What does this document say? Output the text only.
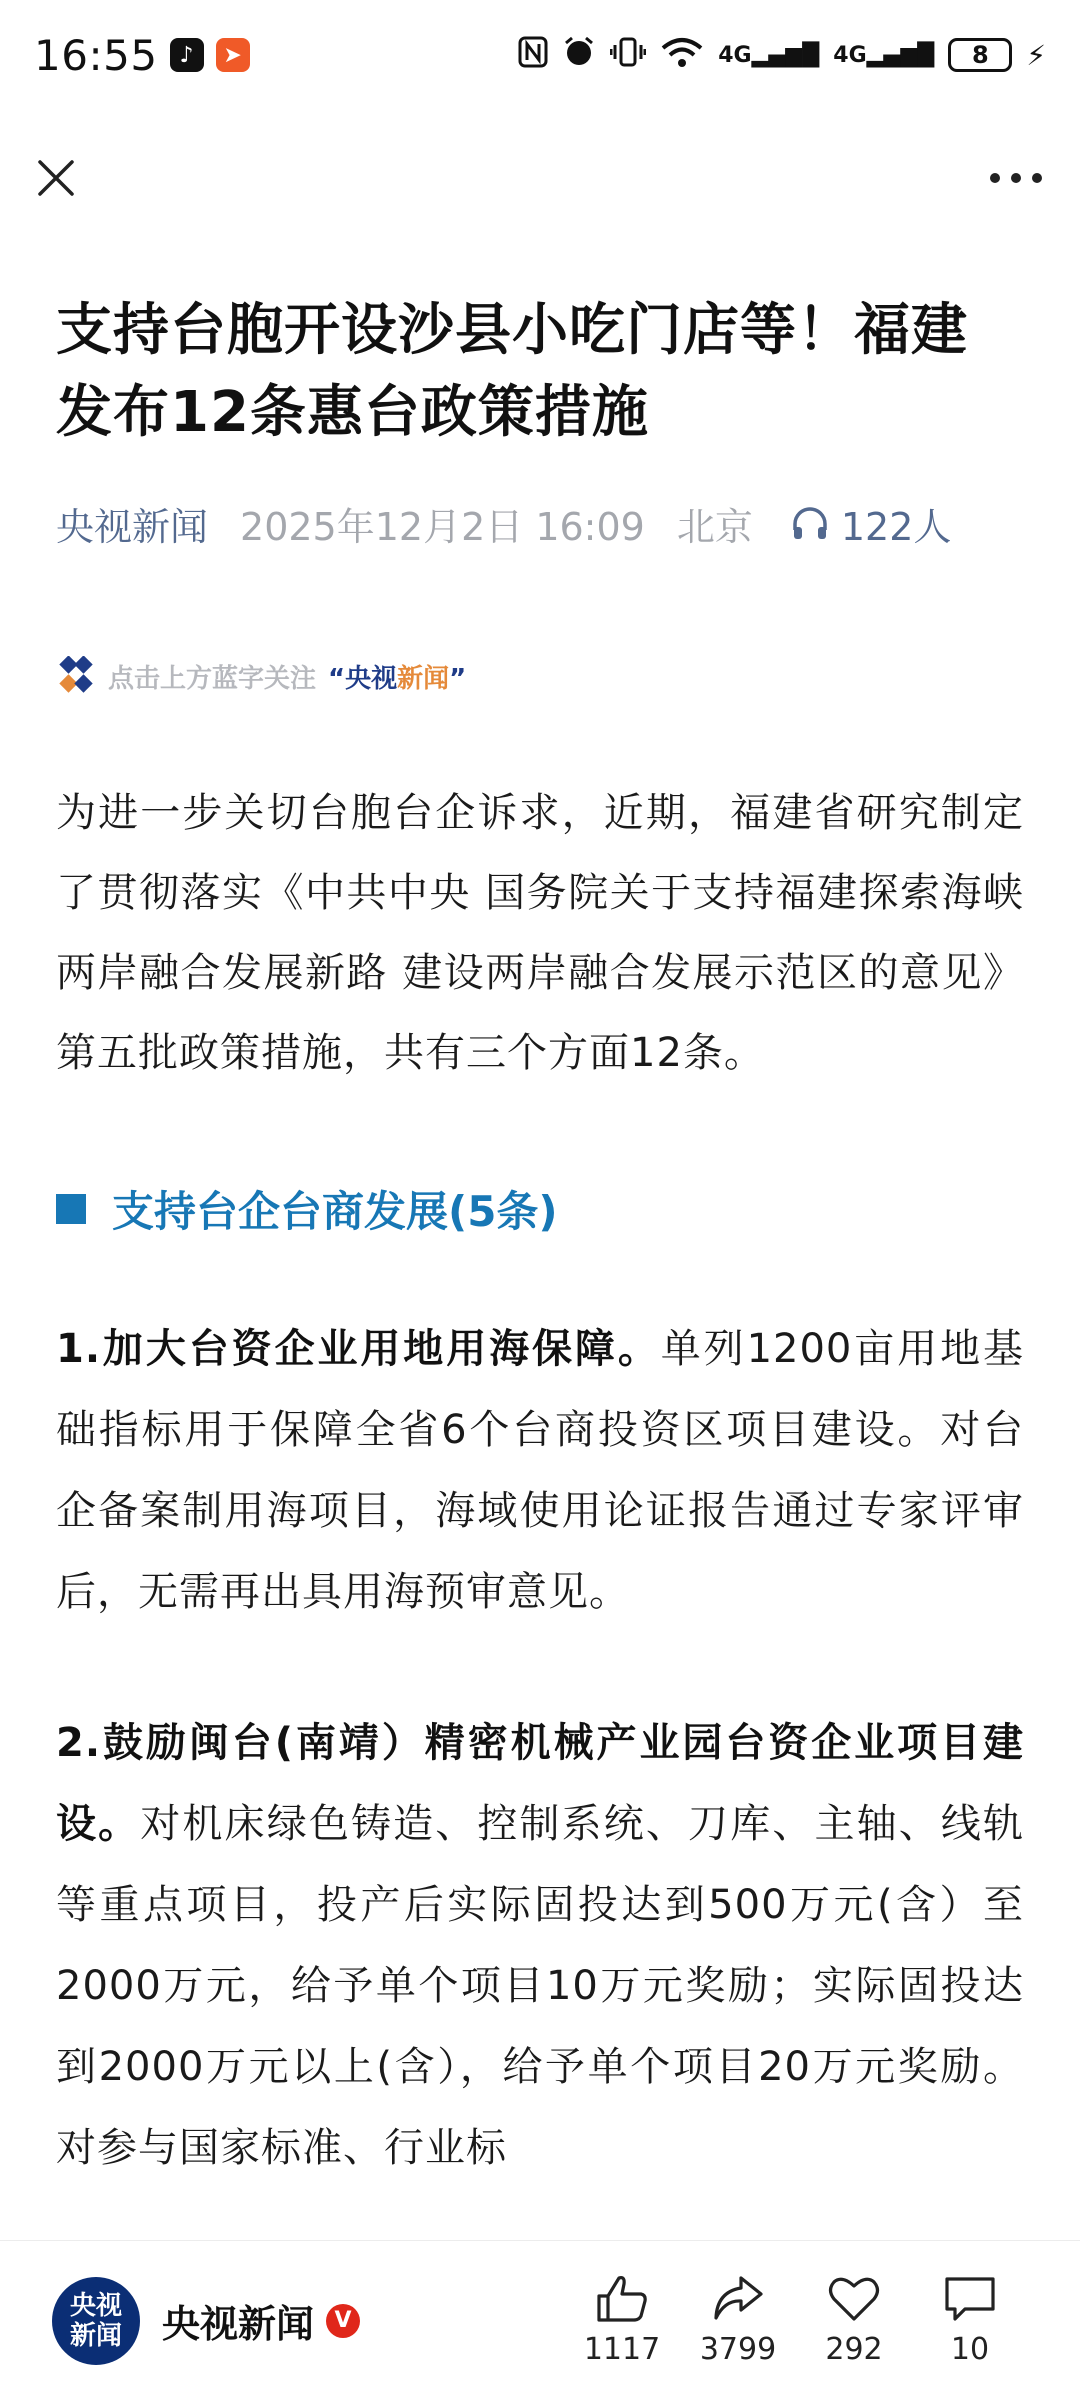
16:55 ♪	➤	4G▂▄▆█ 4G▂▄▆█ 8 ⚡
支持台胞开设沙县小吃门店等！福建发布12条惠台政策措施
央视新闻 2025年12月2日 16:09 北京 122人
点击上方蓝字关注 “央视新闻”

为进一步关切台胞台企诉求，近期，福建省研究制定了贯彻落实《中共中央 国务院关于支持福建探索海峡两岸融合发展新路 建设两岸融合发展示范区的意见》第五批政策措施，共有三个方面12条。

支持台企台商发展(5条)

1.加大台资企业用地用海保障。单列1200亩用地基础指标用于保障全省6个台商投资区项目建设。对台企备案制用海项目，海域使用论证报告通过专家评审后，无需再出具用海预审意见。

2.鼓励闽台(南靖）精密机械产业园台资企业项目建设。对机床绿色铸造、控制系统、刀库、主轴、线轨等重点项目，投产后实际固投达到500万元(含）至2000万元，给予单个项目10万元奖励；实际固投达到2000万元以上(含），给予单个项目20万元奖励。对参与国家标准、行业标

央视
新闻 央视新闻 V
1117 3799 292 10
